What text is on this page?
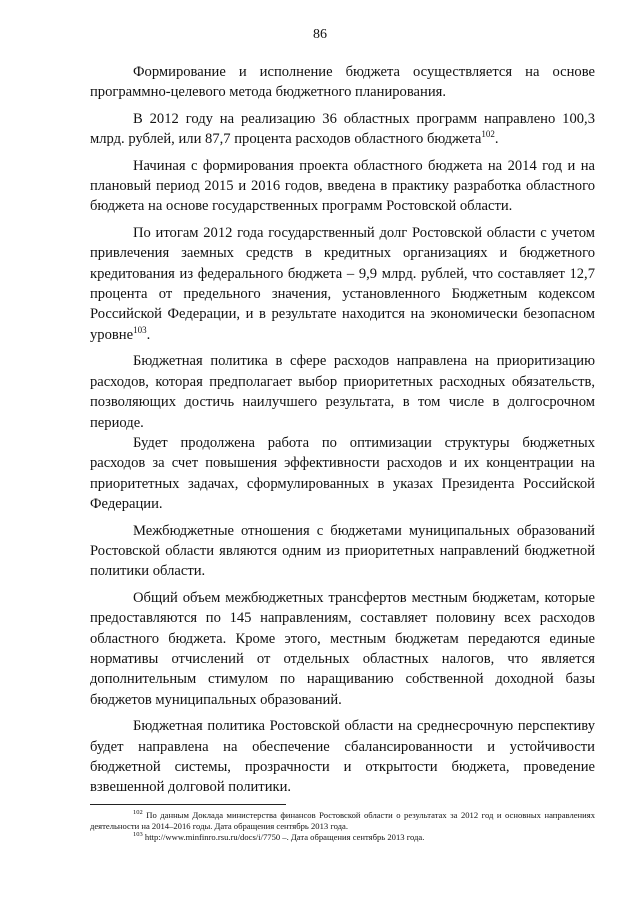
86

Формирование и исполнение бюджета осуществляется на основе программно-целевого метода бюджетного планирования.

В 2012 году на реализацию 36 областных программ направлено 100,3 млрд. рублей, или 87,7 процента расходов областного бюджета$^{102}$.

Начиная с формирования проекта областного бюджета на 2014 год и на плановый период 2015 и 2016 годов, введена в практику разработка областного бюджета на основе государственных программ Ростовской области.

По итогам 2012 года государственный долг Ростовской области с учетом привлечения заемных средств в кредитных организациях и бюджетного кредитования из федерального бюджета – 9,9 млрд. рублей, что составляет 12,7 процента от предельного значения, установленного Бюджетным кодексом Российской Федерации, и в результате находится на экономически безопасном уровне$^{103}$.

Бюджетная политика в сфере расходов направлена на приоритизацию расходов, которая предполагает выбор приоритетных расходных обязательств, позволяющих достичь наилучшего результата, в том числе в долгосрочном периоде.

Будет продолжена работа по оптимизации структуры бюджетных расходов за счет повышения эффективности расходов и их концентрации на приоритетных задачах, сформулированных в указах Президента Российской Федерации.

Межбюджетные отношения с бюджетами муниципальных образований Ростовской области являются одним из приоритетных направлений бюджетной политики области.

Общий объем межбюджетных трансфертов местным бюджетам, которые предоставляются по 145 направлениям, составляет половину всех расходов областного бюджета. Кроме этого, местным бюджетам передаются единые нормативы отчислений от отдельных областных налогов, что является дополнительным стимулом по наращиванию собственной доходной базы бюджетов муниципальных образований.

Бюджетная политика Ростовской области на среднесрочную перспективу будет направлена на обеспечение сбалансированности и устойчивости бюджетной системы, прозрачности и открытости бюджета, проведение взвешенной долговой политики.

$^{102}$ По данным Доклада министерства финансов Ростовской области о результатах за 2012 год и основных направлениях деятельности на 2014–2016 годы. Дата обращения сентябрь 2013 года.

$^{103}$ http://www.minfinro.rsu.ru/docs/i/7750 –. Дата обращения сентябрь 2013 года.
